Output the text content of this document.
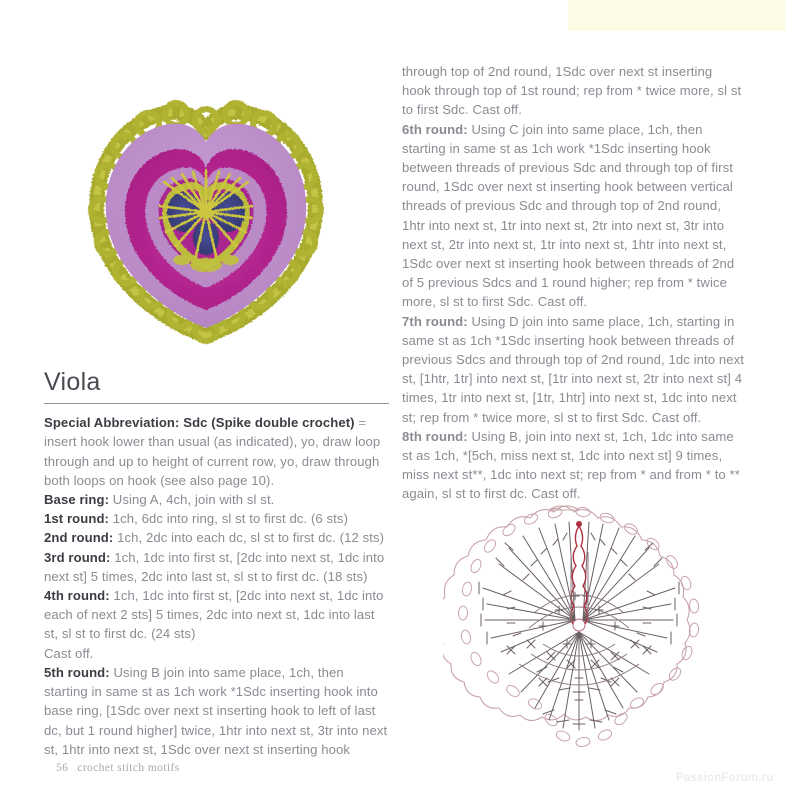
Viola

Special Abbreviation: Sdc (Spike double crochet) = insert hook lower than usual (as indicated), yo, draw loop through and up to height of current row, yo, draw through both loops on hook (see also page 10).

Base ring: Using A, 4ch, join with sl st.

1st round: 1ch, 6dc into ring, sl st to first dc. (6 sts)

2nd round: 1ch, 2dc into each dc, sl st to first dc. (12 sts)

3rd round: 1ch, 1dc into first st, [2dc into next st, 1dc into next st] 5 times, 2dc into last st, sl st to first dc. (18 sts)

4th round: 1ch, 1dc into first st, [2dc into next st, 1dc into each of next 2 sts] 5 times, 2dc into next st, 1dc into last st, sl st to first dc. (24 sts)

Cast off.

5th round: Using B join into same place, 1ch, then starting in same st as 1ch work *1Sdc inserting hook into base ring, [1Sdc over next st inserting hook to left of last dc, but 1 round higher] twice, 1htr into next st, 3tr into next st, 1htr into next st, 1Sdc over next st inserting hook

through top of 2nd round, 1Sdc over next st inserting hook through top of 1st round; rep from * twice more, sl st to first Sdc. Cast off.

6th round: Using C join into same place, 1ch, then starting in same st as 1ch work *1Sdc inserting hook between threads of previous Sdc and through top of first round, 1Sdc over next st inserting hook between vertical threads of previous Sdc and through top of 2nd round, 1htr into next st, 1tr into next st, 2tr into next st, 3tr into next st, 2tr into next st, 1tr into next st, 1htr into next st, 1Sdc over next st inserting hook between threads of 2nd of 5 previous Sdcs and 1 round higher; rep from * twice more, sl st to first Sdc. Cast off.

7th round: Using D join into same place, 1ch, starting in same st as 1ch *1Sdc inserting hook between threads of previous Sdcs and through top of 2nd round, 1dc into next st, [1htr, 1tr] into next st, [1tr into next st, 2tr into next st] 4 times, 1tr into next st, [1tr, 1htr] into next st, 1dc into next st; rep from * twice more, sl st to first Sdc. Cast off.

8th round: Using B, join into next st, 1ch, 1dc into same st as 1ch, *[5ch, miss next st, 1dc into next st] 9 times, miss next st**, 1dc into next st; rep from * and from * to ** again, sl st to first dc. Cast off.

56 crochet stitch motifs
PassionForum.ru
